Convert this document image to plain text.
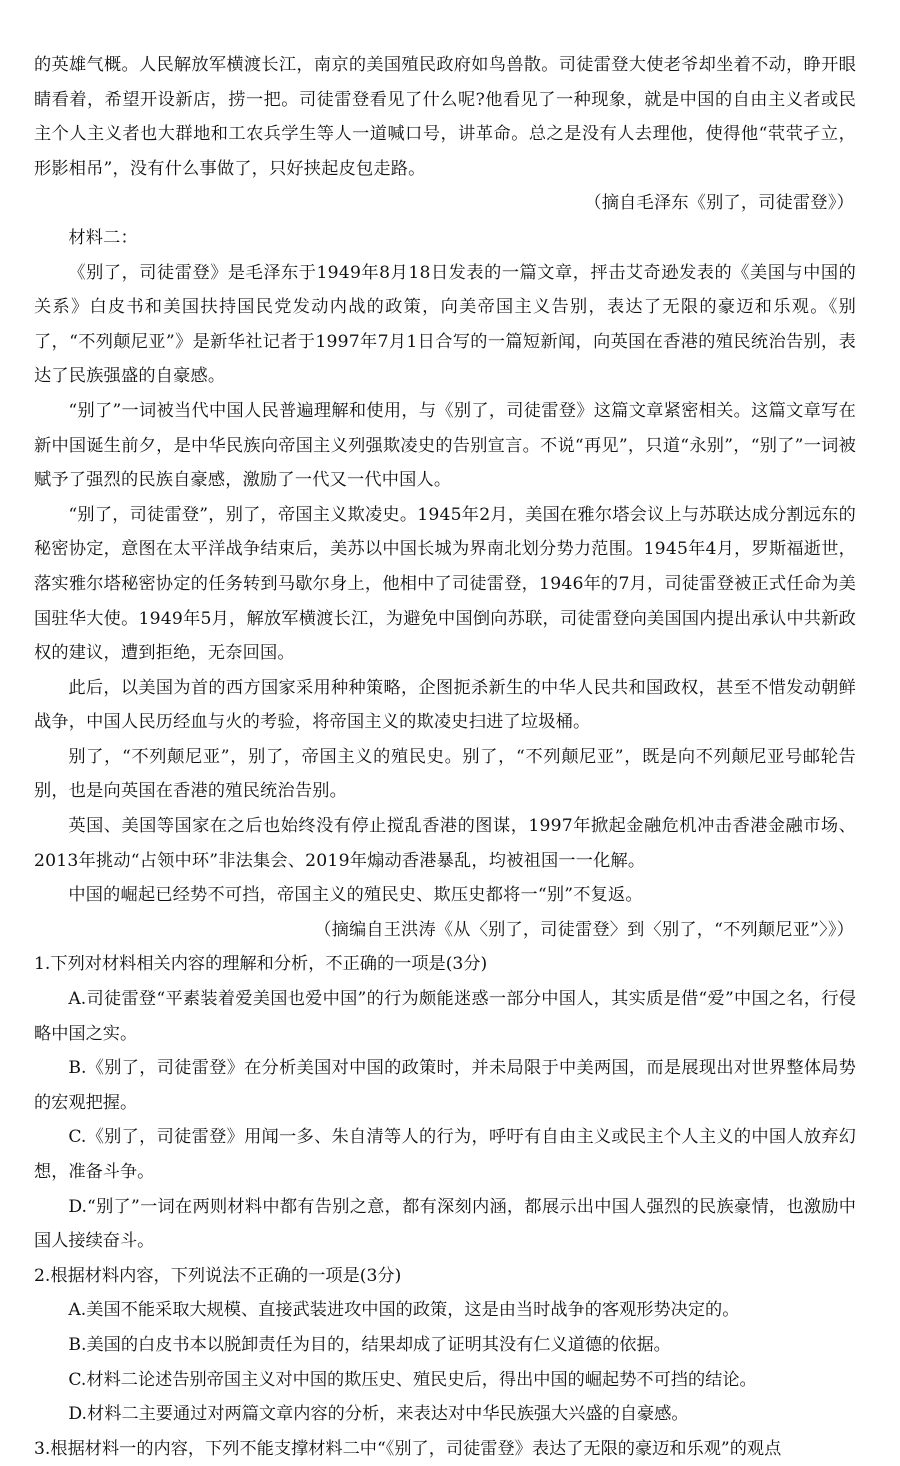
的英雄气概。人民解放军横渡长江，南京的美国殖民政府如鸟兽散。司徒雷登大使老爷却坐着不动，睁开眼睛看着，希望开设新店，捞一把。司徒雷登看见了什么呢?他看见了一种现象，就是中国的自由主义者或民主个人主义者也大群地和工农兵学生等人一道喊口号，讲革命。总之是没有人去理他，使得他“茕茕孑立，形影相吊”，没有什么事做了，只好挟起皮包走路。

（摘自毛泽东《别了，司徒雷登》）

材料二：

《别了，司徒雷登》是毛泽东于1949年8月18日发表的一篇文章，抨击艾奇逊发表的《美国与中国的关系》白皮书和美国扶持国民党发动内战的政策，向美帝国主义告别，表达了无限的豪迈和乐观。《别了，“不列颠尼亚”》是新华社记者于1997年7月1日合写的一篇短新闻，向英国在香港的殖民统治告别，表达了民族强盛的自豪感。

“别了”一词被当代中国人民普遍理解和使用，与《别了，司徒雷登》这篇文章紧密相关。这篇文章写在新中国诞生前夕，是中华民族向帝国主义列强欺凌史的告别宣言。不说“再见”，只道“永别”，“别了”一词被赋予了强烈的民族自豪感，激励了一代又一代中国人。

“别了，司徒雷登”，别了，帝国主义欺凌史。1945年2月，美国在雅尔塔会议上与苏联达成分割远东的秘密协定，意图在太平洋战争结束后，美苏以中国长城为界南北划分势力范围。1945年4月，罗斯福逝世，落实雅尔塔秘密协定的任务转到马歇尔身上，他相中了司徒雷登，1946年的7月，司徒雷登被正式任命为美国驻华大使。1949年5月，解放军横渡长江，为避免中国倒向苏联，司徒雷登向美国国内提出承认中共新政权的建议，遭到拒绝，无奈回国。

此后，以美国为首的西方国家采用种种策略，企图扼杀新生的中华人民共和国政权，甚至不惜发动朝鲜战争，中国人民历经血与火的考验，将帝国主义的欺凌史扫进了垃圾桶。

别了，“不列颠尼亚”，别了，帝国主义的殖民史。别了，“不列颠尼亚”，既是向不列颠尼亚号邮轮告别，也是向英国在香港的殖民统治告别。

英国、美国等国家在之后也始终没有停止搅乱香港的图谋，1997年掀起金融危机冲击香港金融市场、2013年挑动“占领中环”非法集会、2019年煽动香港暴乱，均被祖国一一化解。

中国的崛起已经势不可挡，帝国主义的殖民史、欺压史都将一“别”不复返。

（摘编自王洪涛《从〈别了，司徒雷登〉到〈别了，“不列颠尼亚”〉》）

1.下列对材料相关内容的理解和分析，不正确的一项是(3分)

A.司徒雷登“平素装着爱美国也爱中国”的行为颇能迷惑一部分中国人，其实质是借“爱”中国之名，行侵略中国之实。

B.《别了，司徒雷登》在分析美国对中国的政策时，并未局限于中美两国，而是展现出对世界整体局势的宏观把握。

C.《别了，司徒雷登》用闻一多、朱自清等人的行为，呼吁有自由主义或民主个人主义的中国人放弃幻想，准备斗争。

D.“别了”一词在两则材料中都有告别之意，都有深刻内涵，都展示出中国人强烈的民族豪情，也激励中国人接续奋斗。

2.根据材料内容，下列说法不正确的一项是(3分)

A.美国不能采取大规模、直接武装进攻中国的政策，这是由当时战争的客观形势决定的。

B.美国的白皮书本以脱卸责任为目的，结果却成了证明其没有仁义道德的依据。

C.材料二论述告别帝国主义对中国的欺压史、殖民史后，得出中国的崛起势不可挡的结论。

D.材料二主要通过对两篇文章内容的分析，来表达对中华民族强大兴盛的自豪感。

3.根据材料一的内容，下列不能支撑材料二中“《别了，司徒雷登》表达了无限的豪迈和乐观”的观点
